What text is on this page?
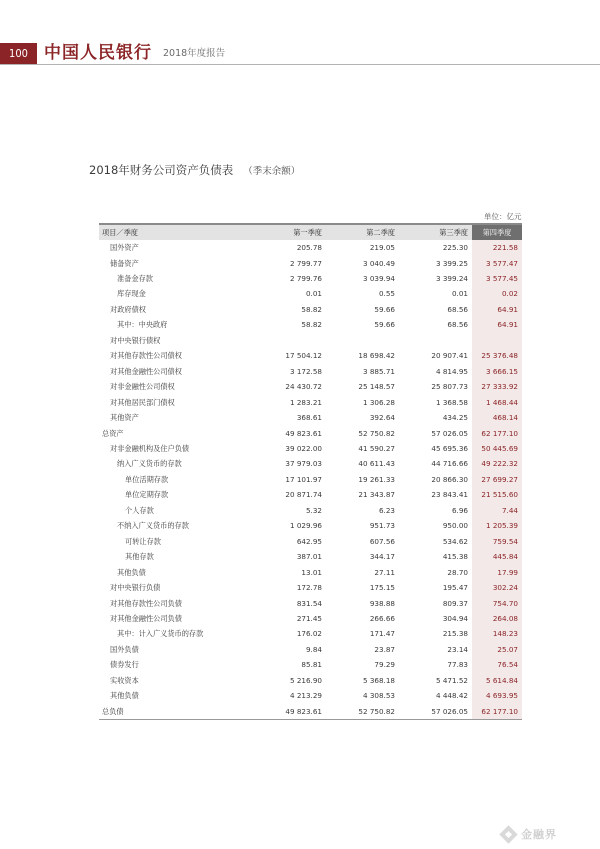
100 中国人民银行 2018年度报告
2018年财务公司资产负债表 （季末余额）
单位：亿元
项目／季度	第一季度	第二季度	第三季度	第四季度
国外资产	205.78	219.05	225.30	221.58
储备资产	2 799.77	3 040.49	3 399.25	3 577.47
准备金存款	2 799.76	3 039.94	3 399.24	3 577.45
库存现金	0.01	0.55	0.01	0.02
对政府债权	58.82	59.66	68.56	64.91
其中：中央政府	58.82	59.66	68.56	64.91
对中央银行债权				
对其他存款性公司债权	17 504.12	18 698.42	20 907.41	25 376.48
对其他金融性公司债权	3 172.58	3 885.71	4 814.95	3 666.15
对非金融性公司债权	24 430.72	25 148.57	25 807.73	27 333.92
对其他居民部门债权	1 283.21	1 306.28	1 368.58	1 468.44
其他资产	368.61	392.64	434.25	468.14
总资产	49 823.61	52 750.82	57 026.05	62 177.10
对非金融机构及住户负债	39 022.00	41 590.27	45 695.36	50 445.69
纳入广义货币的存款	37 979.03	40 611.43	44 716.66	49 222.32
单位活期存款	17 101.97	19 261.33	20 866.30	27 699.27
单位定期存款	20 871.74	21 343.87	23 843.41	21 515.60
个人存款	5.32	6.23	6.96	7.44
不纳入广义货币的存款	1 029.96	951.73	950.00	1 205.39
可转让存款	642.95	607.56	534.62	759.54
其他存款	387.01	344.17	415.38	445.84
其他负债	13.01	27.11	28.70	17.99
对中央银行负债	172.78	175.15	195.47	302.24
对其他存款性公司负债	831.54	938.88	809.37	754.70
对其他金融性公司负债	271.45	266.66	304.94	264.08
其中：计入广义货币的存款	176.02	171.47	215.38	148.23
国外负债	9.84	23.87	23.14	25.07
债券发行	85.81	79.29	77.83	76.54
实收资本	5 216.90	5 368.18	5 471.52	5 614.84
其他负债	4 213.29	4 308.53	4 448.42	4 693.95
总负债	49 823.61	52 750.82	57 026.05	62 177.10
金融界
